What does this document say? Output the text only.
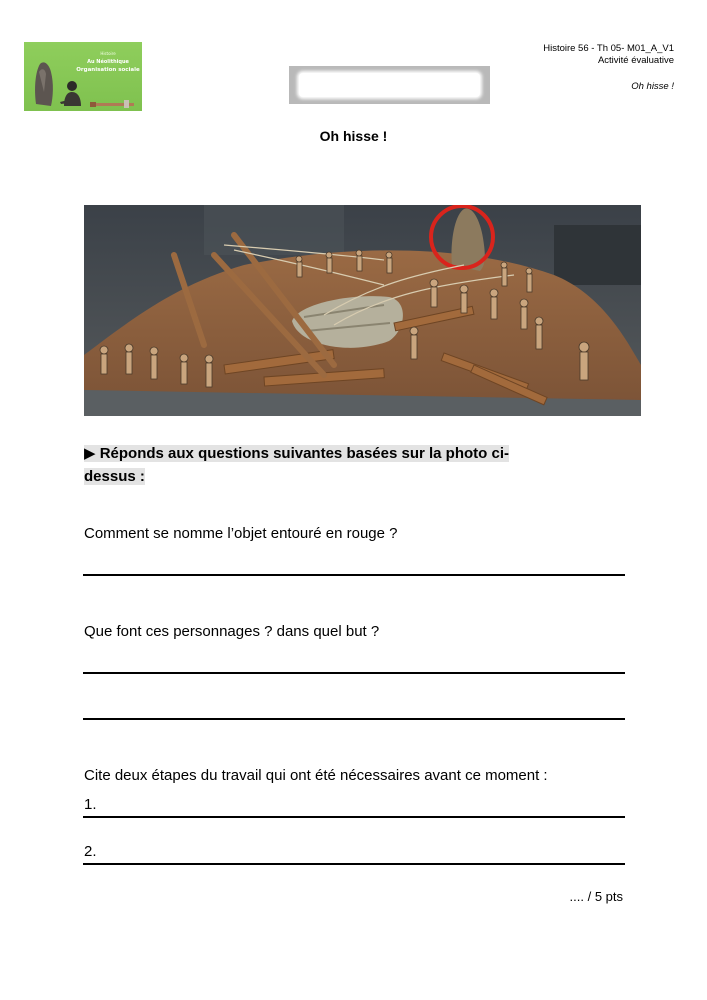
Histoire
Au Néolithique
Organisation sociale
Histoire 56 - Th 05- M01_A_V1
Activité évaluative
Oh hisse !
Oh hisse !
▶ Réponds aux questions suivantes basées sur la photo ci-
dessus :
Comment se nomme l’objet entouré en rouge ?
Que font ces personnages ? dans quel but ?
Cite deux étapes du travail qui ont été nécessaires avant ce moment :
1.
2.
.... / 5 pts
